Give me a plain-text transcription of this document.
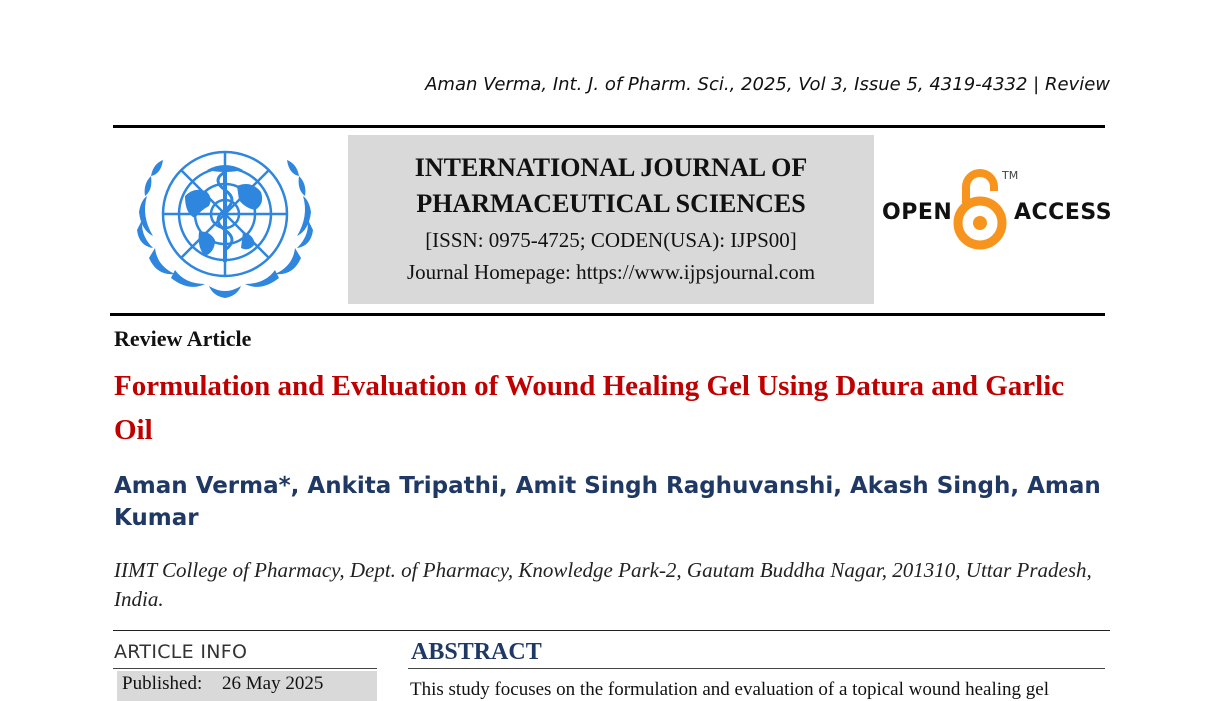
Aman Verma, Int. J. of Pharm. Sci., 2025, Vol 3, Issue 5, 4319-4332 | Review
INTERNATIONAL JOURNAL OF
PHARMACEUTICAL SCIENCES
[ISSN: 0975-4725; CODEN(USA): IJPS00]
Journal Homepage: https://www.ijpsjournal.com
OPEN
TM
ACCESS
Review Article
Formulation and Evaluation of Wound Healing Gel Using Datura and Garlic Oil
Aman Verma*, Ankita Tripathi, Amit Singh Raghuvanshi, Akash Singh, Aman Kumar
IIMT College of Pharmacy, Dept. of Pharmacy, Knowledge Park-2, Gautam Buddha Nagar, 201310, Uttar Pradesh, India.
ARTICLE INFO
Published: 26 May 2025
ABSTRACT
This study focuses on the formulation and evaluation of a topical wound healing gel
